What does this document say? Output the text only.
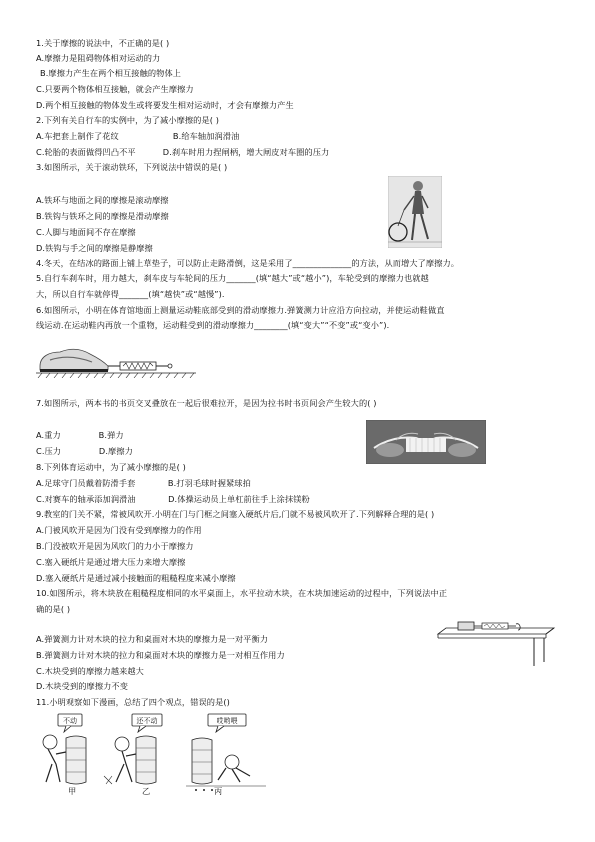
1.关于摩擦的说法中，不正确的是( )
A.摩擦力是阻碍物体相对运动的力
B.摩擦力产生在两个相互接触的物体上
C.只要两个物体相互接触，就会产生摩擦力
D.两个相互接触的物体发生或将要发生相对运动时，才会有摩擦力产生
2.下列有关自行车的实例中，为了减小摩擦的是( )
A.车把套上制作了花纹                    B.给车轴加润滑油
C.轮胎的表面做得凹凸不平          D.刹车时用力捏闸柄，增大闸皮对车圈的压力
3.如图所示，关于滚动铁环，下列说法中错误的是( )
A.铁环与地面之间的摩擦是滚动摩擦
B.铁钩与铁环之间的摩擦是滑动摩擦
C.人脚与地面间不存在摩擦
D.铁钩与手之间的摩擦是静摩擦
4.冬天，在结冰的路面上铺上草垫子，可以防止走路滑倒，这是采用了______________的方法，从而增大了摩擦力。
5.自行车刹车时，用力越大，刹车皮与车轮间的压力_______(填“越大”或“越小”)，车轮受到的摩擦力也就越
大，所以自行车就停得_______(填“越快”或“越慢”).
6.如图所示，小明在体育馆地面上测量运动鞋底部受到的滑动摩擦力.弹簧测力计应沿方向拉动，并使运动鞋做直
线运动.在运动鞋内再放一个重物，运动鞋受到的滑动摩擦力________(填“变大”“不变”或“变小”).
7.如图所示，两本书的书页交叉叠放在一起后很难拉开，是因为拉书时书页间会产生较大的( )
A.重力              B.弹力
C.压力              D.摩擦力
8.下列体育运动中，为了减小摩擦的是( )
A.足球守门员戴着防滑手套            B.打羽毛球时握紧球拍
C.对赛车的轴承添加润滑油            D.体操运动员上单杠前往手上涂抹镁粉
9.教室的门关不紧，常被风吹开.小明在门与门框之间塞入硬纸片后,门就不易被风吹开了.下列解释合理的是( )
A.门被风吹开是因为门没有受到摩擦力的作用
B.门没被吹开是因为风吹门的力小于摩擦力
C.塞入硬纸片是通过增大压力来增大摩擦
D.塞入硬纸片是通过减小接触面的粗糙程度来减小摩擦
10.如图所示，将木块放在粗糙程度相同的水平桌面上，水平拉动木块，在木块加速运动的过程中，下列说法中正
确的是( )
A.弹簧测力计对木块的拉力和桌面对木块的摩擦力是一对平衡力
B.弹簧测力计对木块的拉力和桌面对木块的摩擦力是一对相互作用力
C.木块受到的摩擦力越来越大
D.木块受到的摩擦力不变
11.小明观察如下漫画，总结了四个观点，错误的是()
不动	还不动	哎哟喂
甲	乙	丙
